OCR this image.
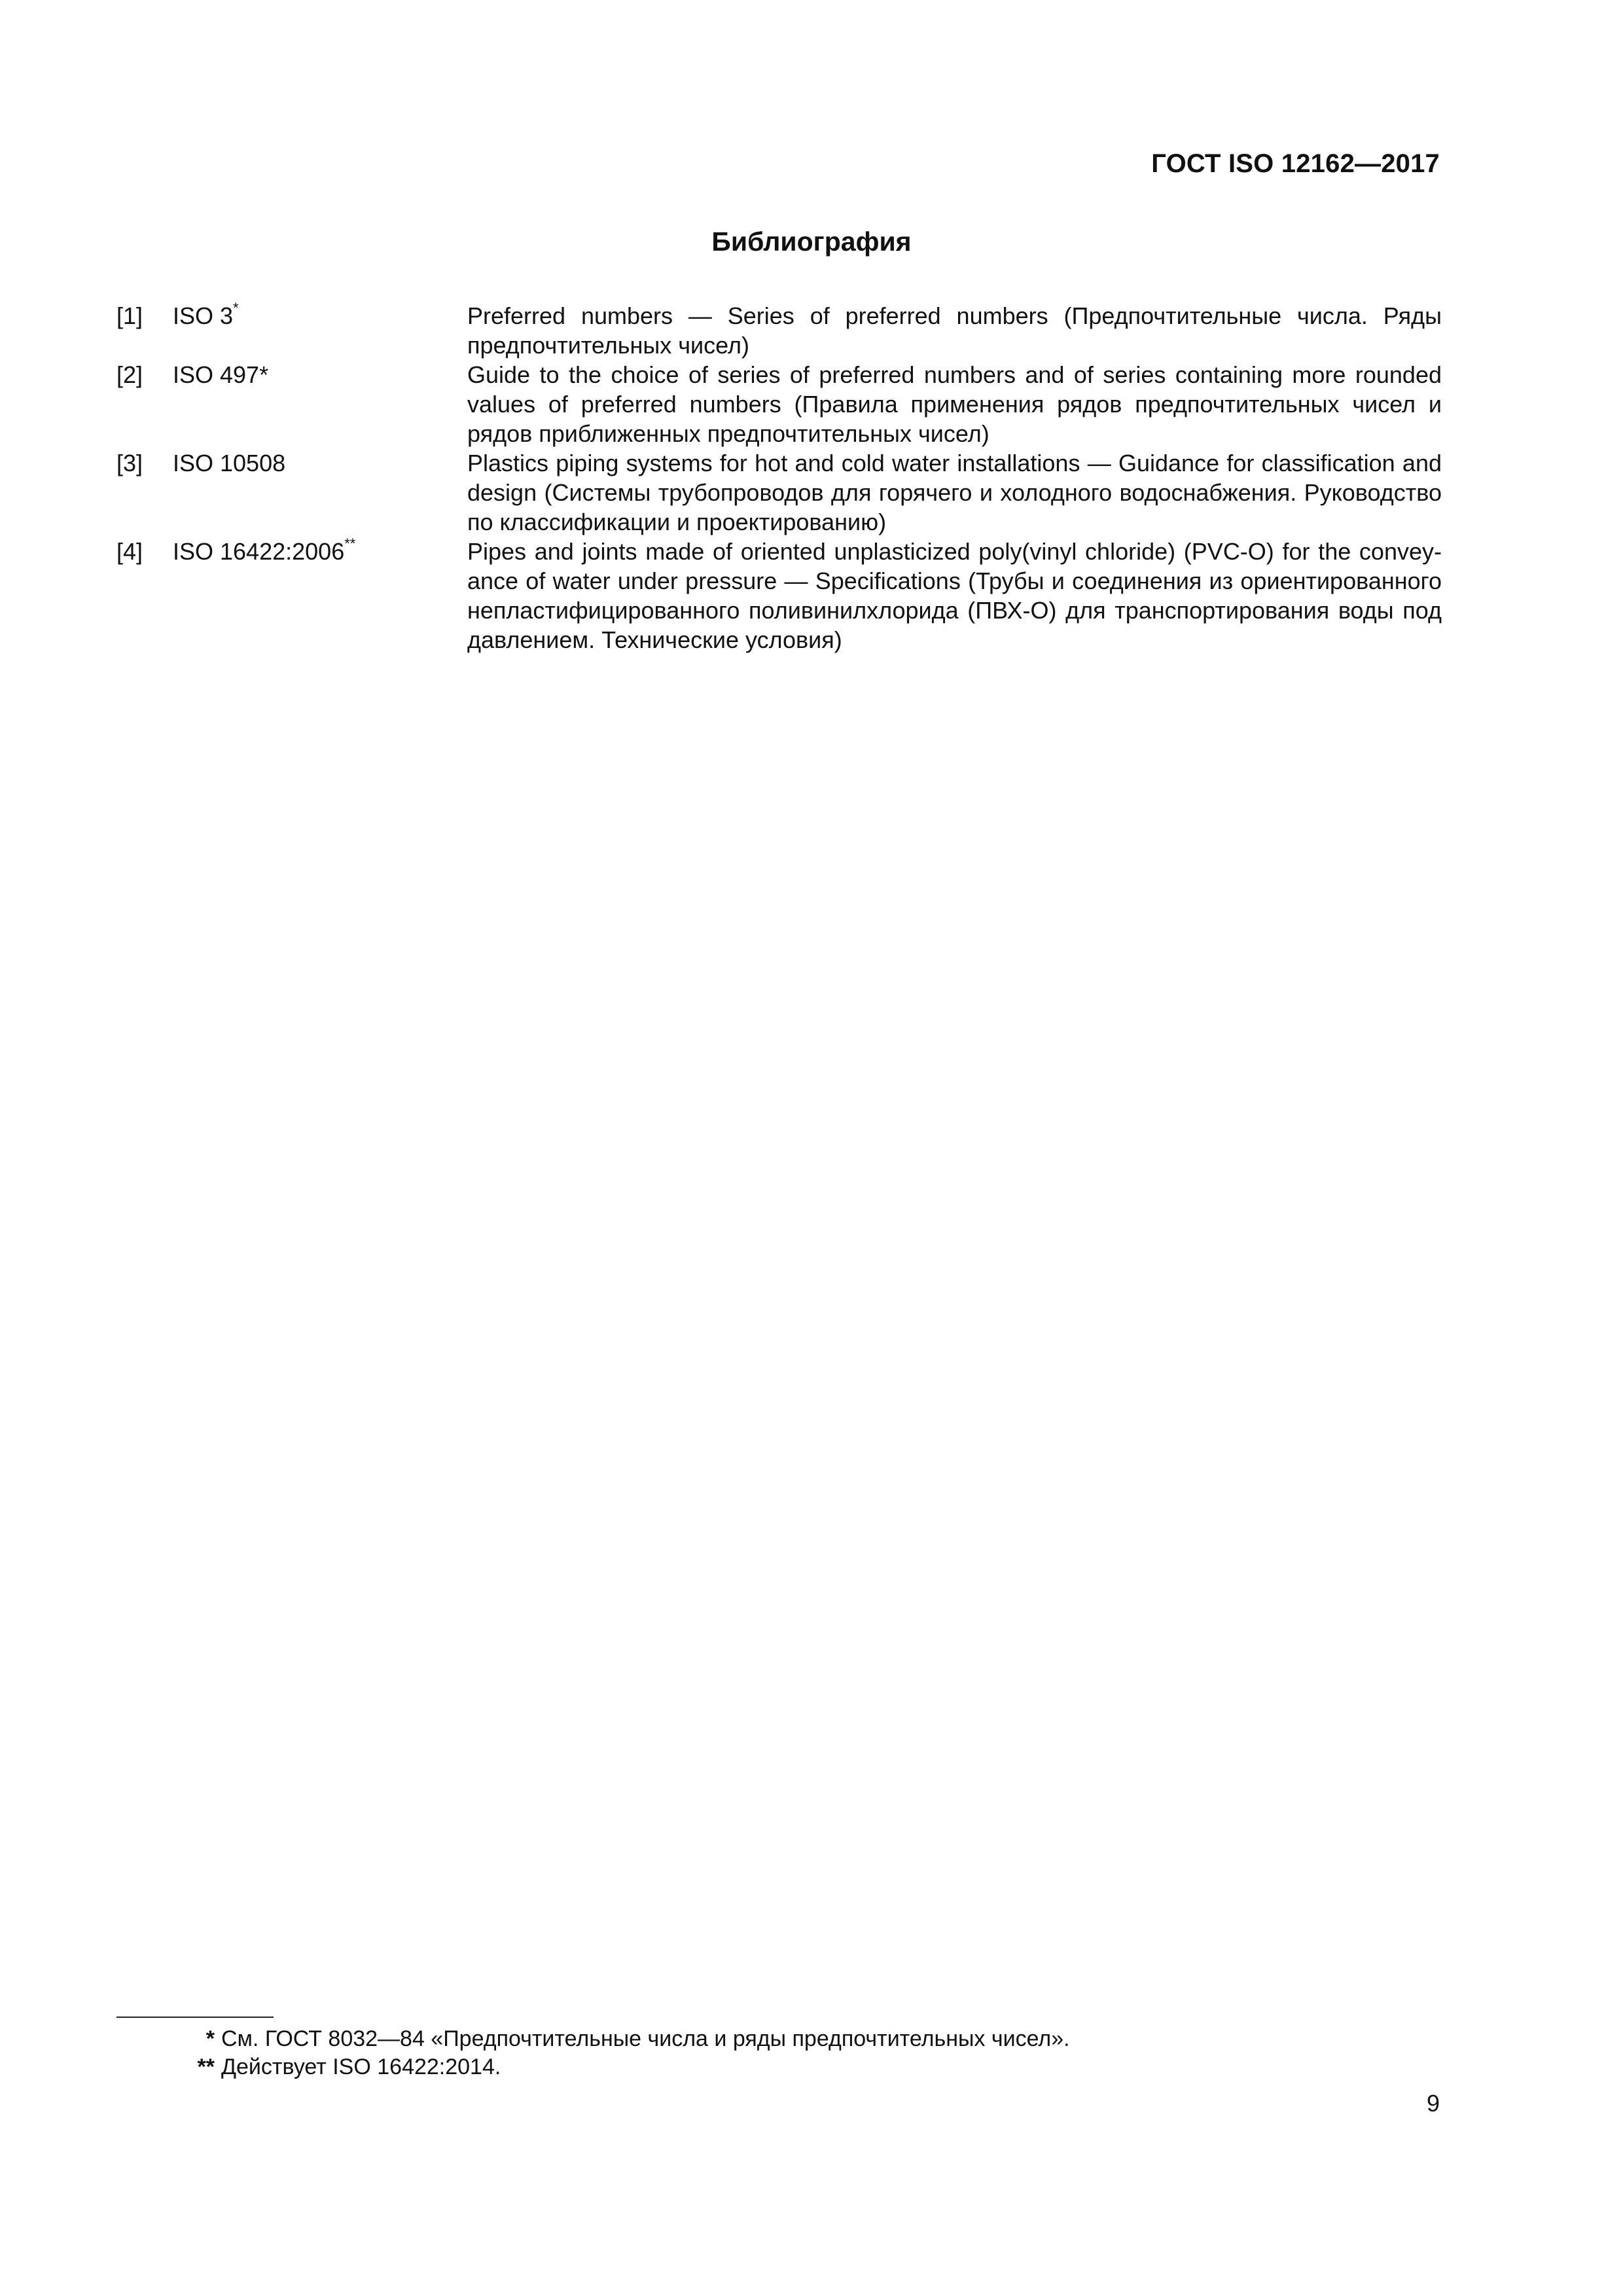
ГОСТ ISO 12162—2017
Библиография
[1]	ISO 3*	Preferred numbers — Series of preferred numbers (Предпочтительные числа. Ряды предпочтительных чисел)
[2]	ISO 497*	Guide to the choice of series of preferred numbers and of series containing more rounded values of preferred numbers (Правила применения рядов предпочтительных чисел и рядов приближенных предпочтительных чисел)
[3]	ISO 10508	Plastics piping systems for hot and cold water installations — Guidance for classification and design (Системы трубопроводов для горячего и холодного водоснабжения. Руководство по классификации и проектированию)
[4]	ISO 16422:2006**	Pipes and joints made of oriented unplasticized poly(vinyl chloride) (PVC-O) for the conveyance of water under pressure — Specifications (Трубы и соединения из ориентированного непластифицированного поливинилхлорида (ПВХ-О) для транспортирования воды под давлением. Технические условия)
* См. ГОСТ 8032—84 «Предпочтительные числа и ряды предпочтительных чисел».
** Действует ISO 16422:2014.
9
